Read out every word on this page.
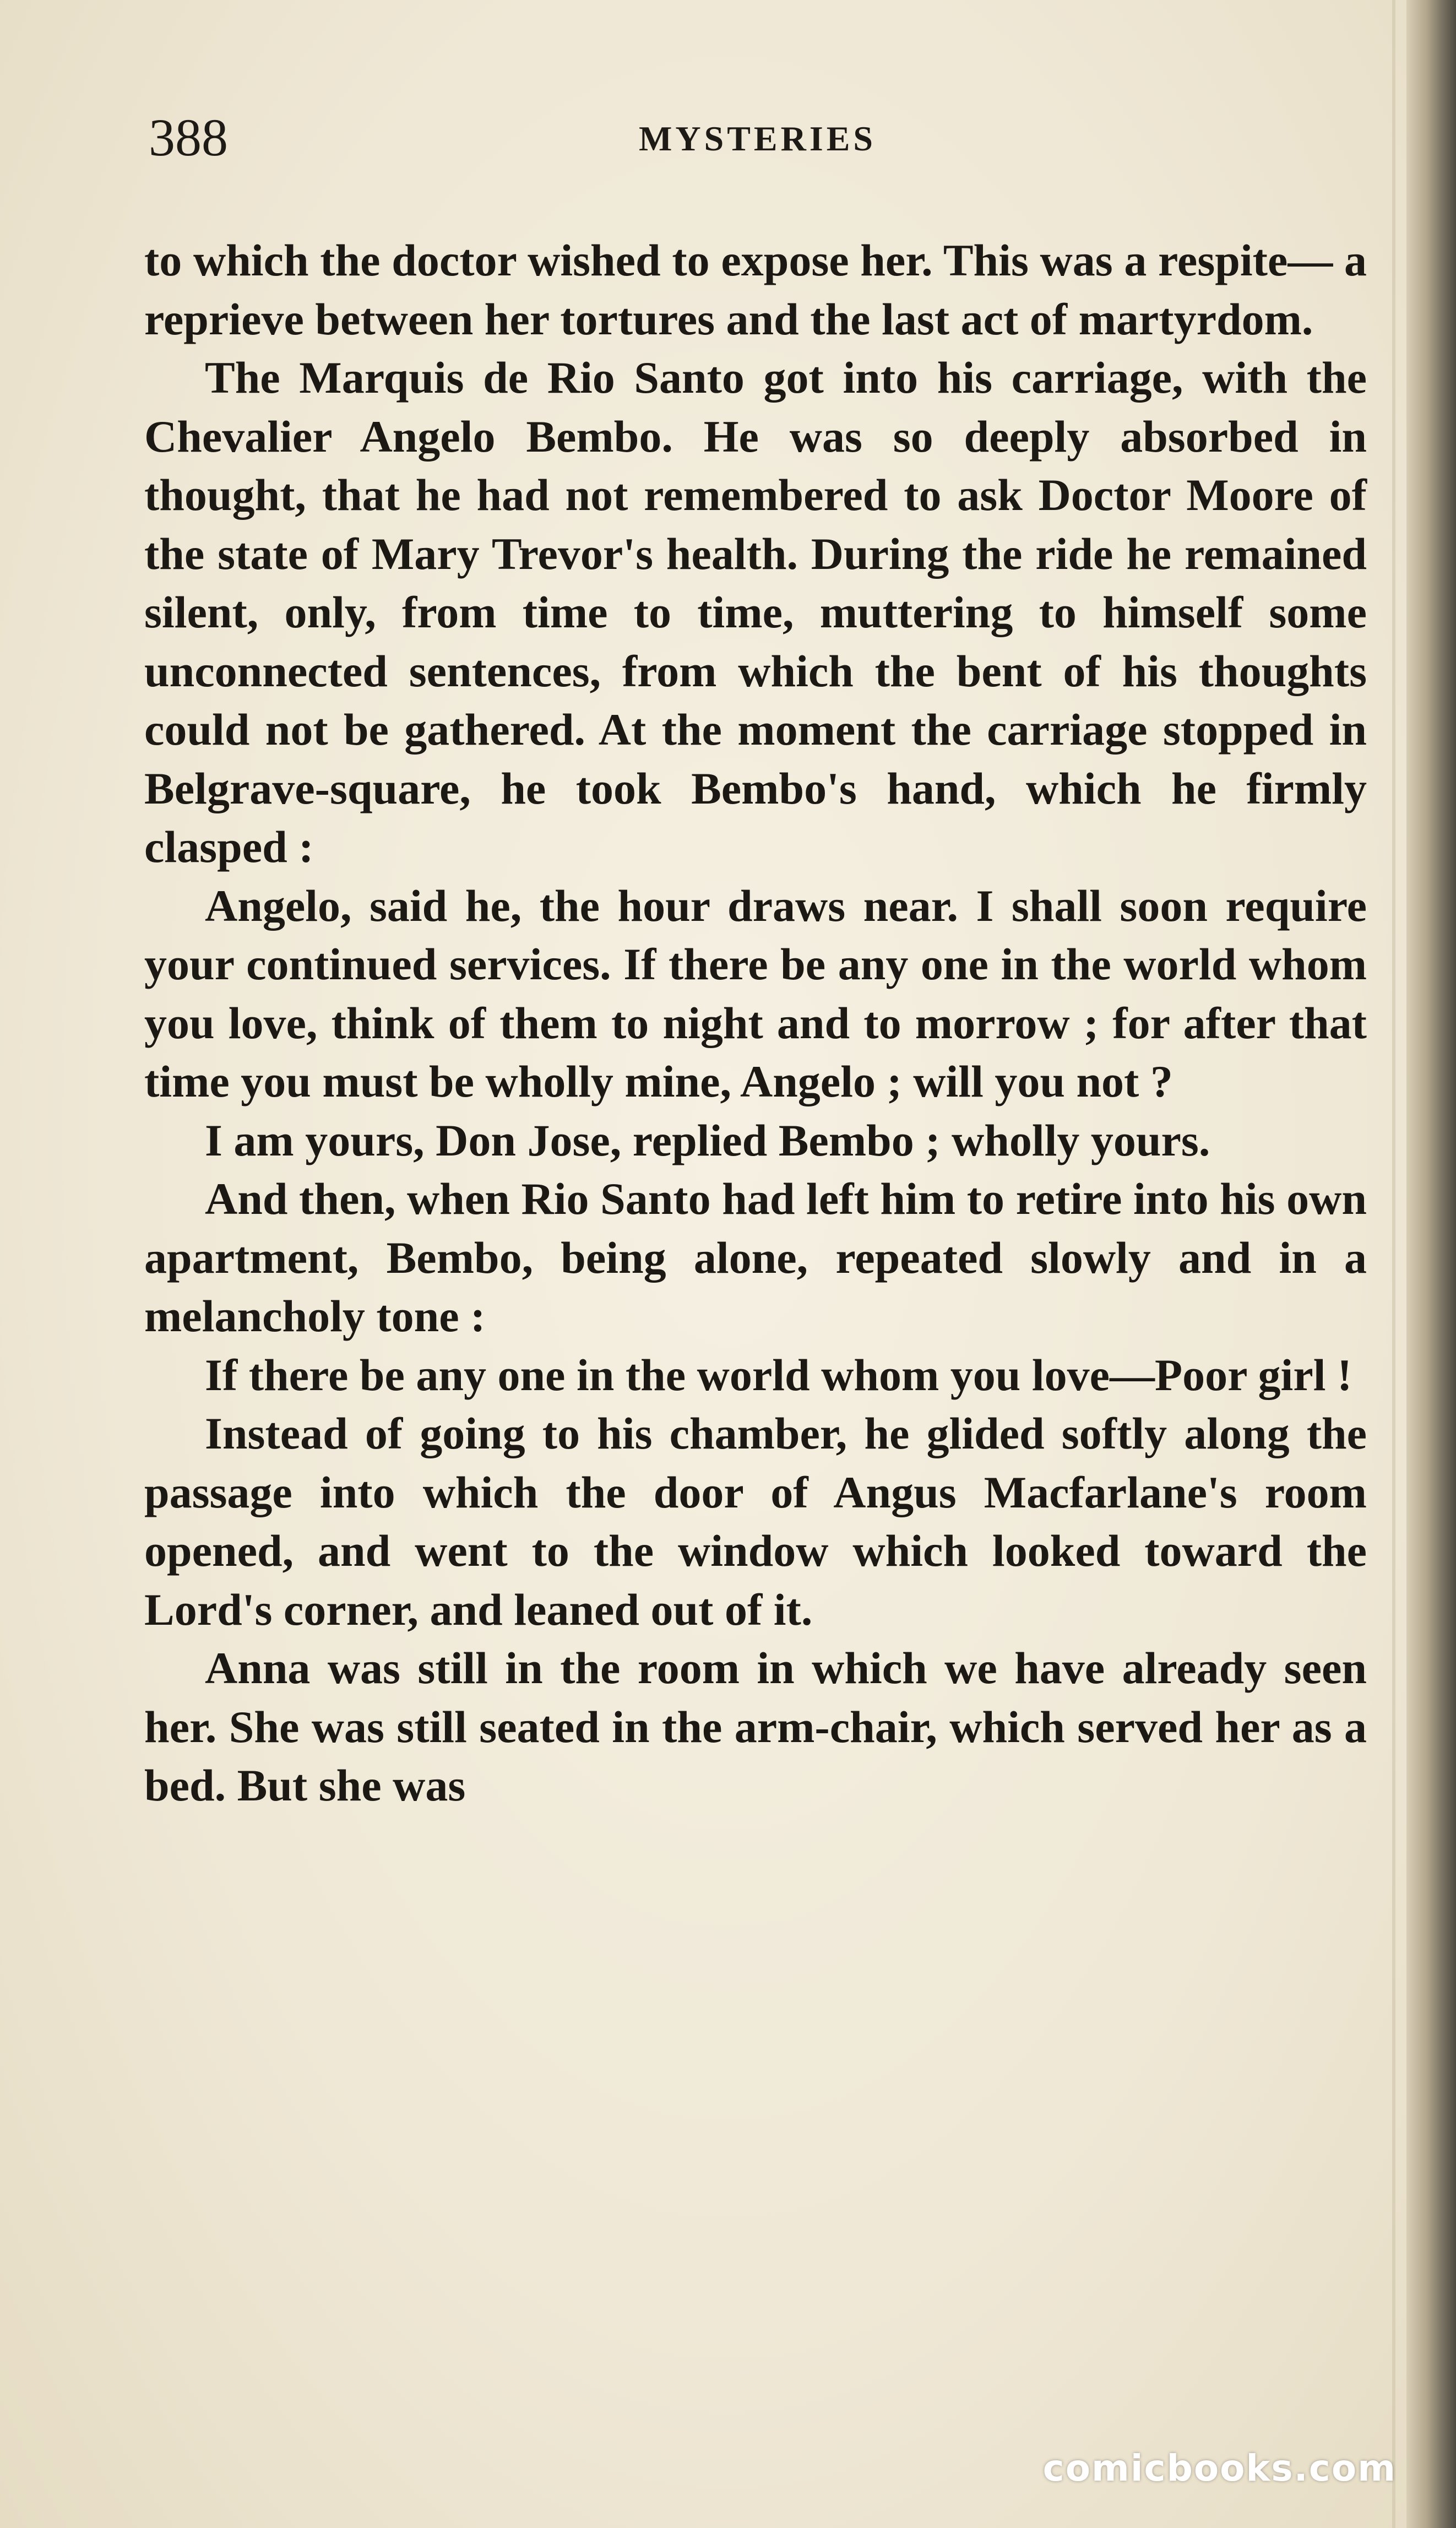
388	MYSTERIES

to which the doctor wished to expose her. This was a respite— a reprieve between her tortures and the last act of martyrdom.

The Marquis de Rio Santo got into his carriage, with the Chevalier Angelo Bembo. He was so deeply absorbed in thought, that he had not remembered to ask Doctor Moore of the state of Mary Trevor's health. During the ride he remained silent, only, from time to time, muttering to himself some unconnected sentences, from which the bent of his thoughts could not be gathered. At the moment the carriage stopped in Belgrave-square, he took Bembo's hand, which he firmly clasped :

Angelo, said he, the hour draws near. I shall soon require your continued services. If there be any one in the world whom you love, think of them to night and to morrow ; for after that time you must be wholly mine, Angelo ; will you not ?

I am yours, Don Jose, replied Bembo ; wholly yours.

And then, when Rio Santo had left him to retire into his own apartment, Bembo, being alone, repeated slowly and in a melancholy tone :

If there be any one in the world whom you love—Poor girl !

Instead of going to his chamber, he glided softly along the passage into which the door of Angus Macfarlane's room opened, and went to the window which looked toward the Lord's corner, and leaned out of it.

Anna was still in the room in which we have already seen her. She was still seated in the arm-chair, which served her as a bed. But she was

comicbooks.com
